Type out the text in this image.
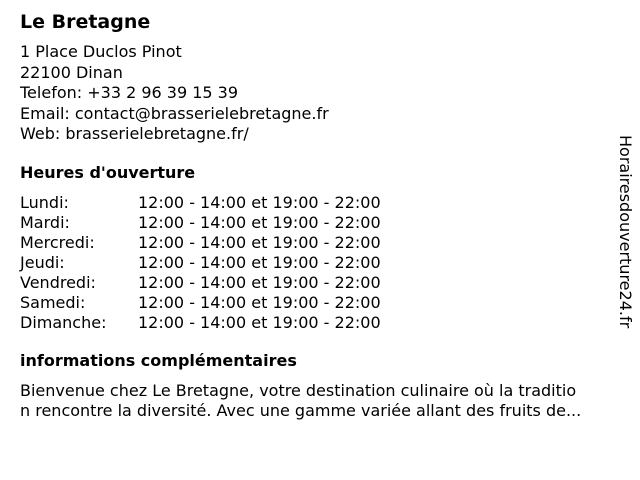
Le Bretagne
1 Place Duclos Pinot
22100 Dinan
Telefon: +33 2 96 39 15 39
Email: contact@brasserielebretagne.fr
Web: brasserielebretagne.fr/
Heures d'ouverture
Lundi:	12:00 - 14:00 et 19:00 - 22:00
Mardi:	12:00 - 14:00 et 19:00 - 22:00
Mercredi:	12:00 - 14:00 et 19:00 - 22:00
Jeudi:	12:00 - 14:00 et 19:00 - 22:00
Vendredi:	12:00 - 14:00 et 19:00 - 22:00
Samedi:	12:00 - 14:00 et 19:00 - 22:00
Dimanche:	12:00 - 14:00 et 19:00 - 22:00
informations complémentaires
Bienvenue chez Le Bretagne, votre destination culinaire où la traditio
n rencontre la diversité. Avec une gamme variée allant des fruits de...
Horairesdouverture24.fr
